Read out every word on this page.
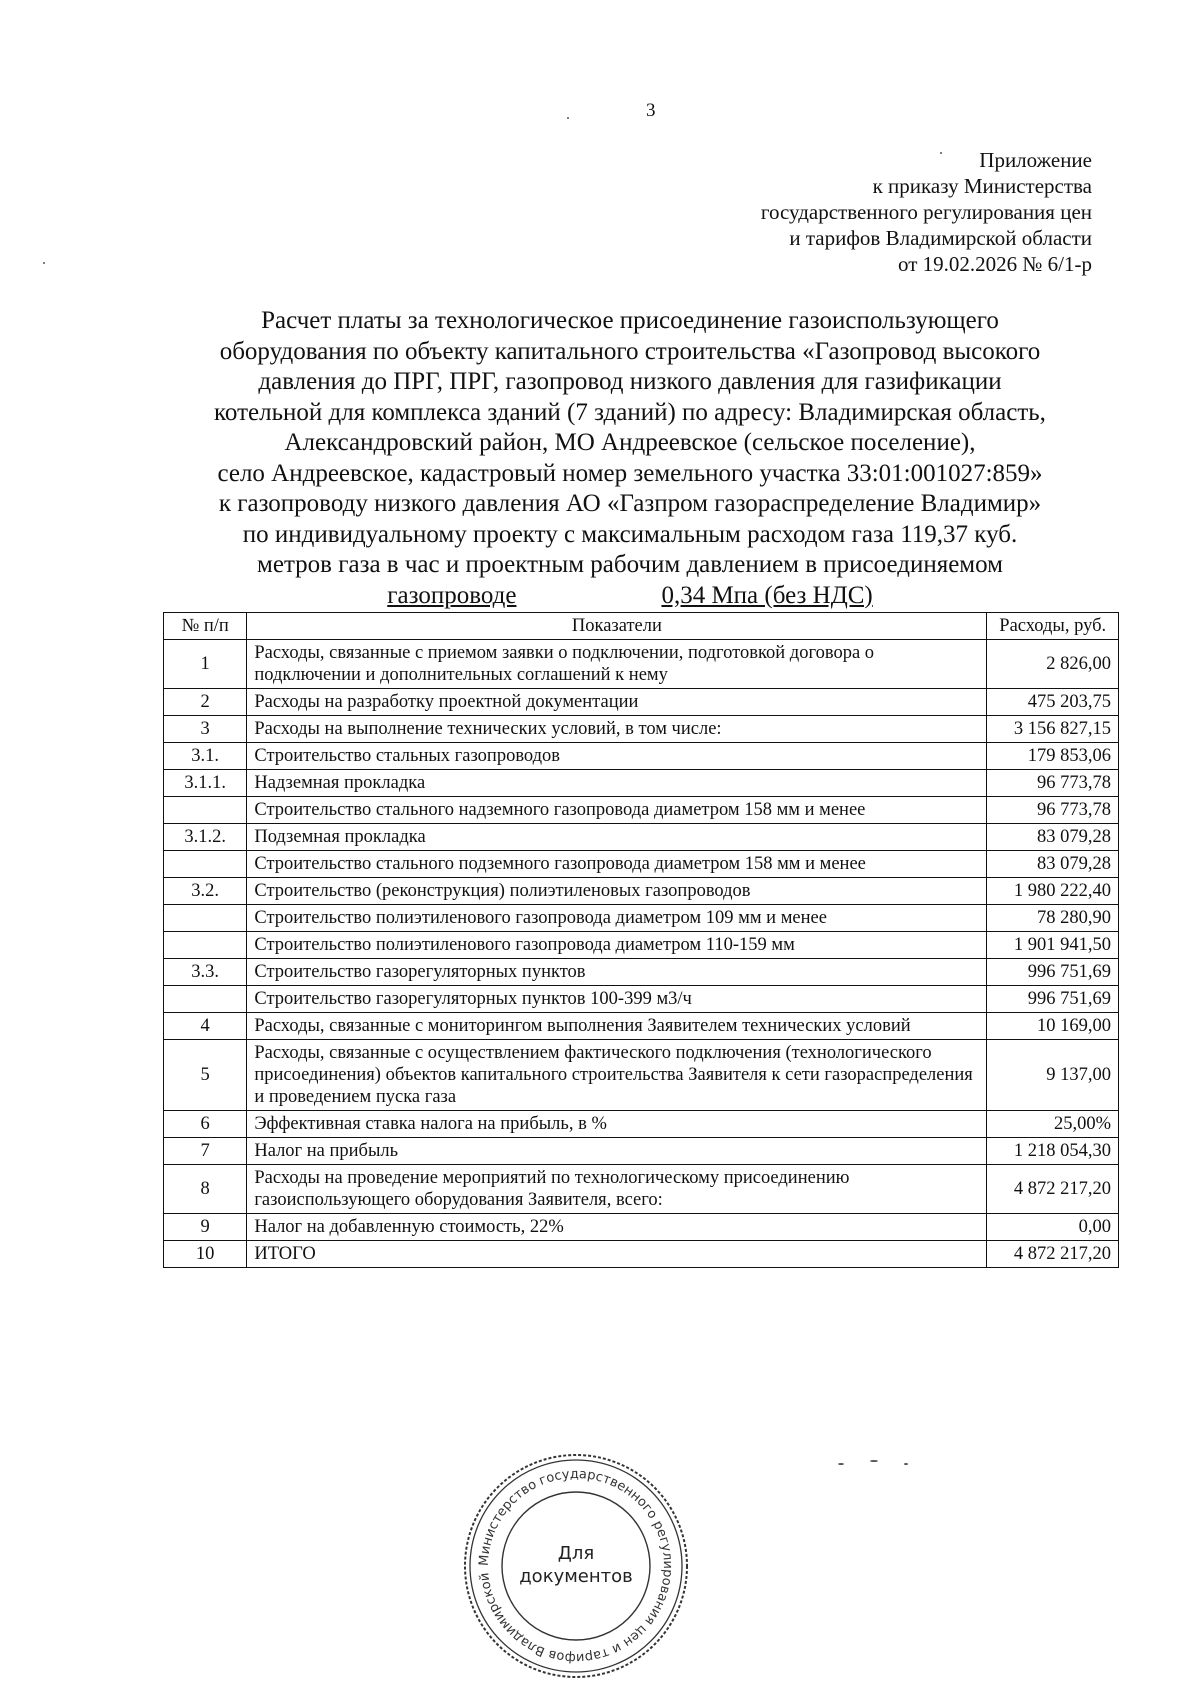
3
Приложение
к приказу Министерства
государственного регулирования цен
и тарифов Владимирской области
от 19.02.2026 № 6/1-р
Расчет платы за технологическое присоединение газоиспользующего
оборудования по объекту капитального строительства «Газопровод высокого
давления до ПРГ, ПРГ, газопровод низкого давления для газификации
котельной для комплекса зданий (7 зданий) по адресу: Владимирская область,
Александровский район, МО Андреевское (сельское поселение),
село Андреевское, кадастровый номер земельного участка 33:01:001027:859»
к газопроводу низкого давления АО «Газпром газораспределение Владимир»
по индивидуальному проекту с максимальным расходом газа 119,37 куб.
метров газа в час и проектным рабочим давлением в присоединяемом
газопроводе	0,34 Мпа (без НДС)
№ п/п	Показатели	Расходы, руб.
1	Расходы, связанные с приемом заявки о подключении, подготовкой договора о подключении и дополнительных соглашений к нему	2 826,00
2	Расходы на разработку проектной документации	475 203,75
3	Расходы на выполнение технических условий, в том числе:	3 156 827,15
3.1.	Строительство стальных газопроводов	179 853,06
3.1.1.	Надземная прокладка	96 773,78
	Строительство стального надземного газопровода диаметром 158 мм и менее	96 773,78
3.1.2.	Подземная прокладка	83 079,28
	Строительство стального подземного газопровода диаметром 158 мм и менее	83 079,28
3.2.	Строительство (реконструкция) полиэтиленовых газопроводов	1 980 222,40
	Строительство полиэтиленового газопровода диаметром 109 мм и менее	78 280,90
	Строительство полиэтиленового газопровода диаметром 110-159 мм	1 901 941,50
3.3.	Строительство газорегуляторных пунктов	996 751,69
	Строительство газорегуляторных пунктов 100-399 м3/ч	996 751,69
4	Расходы, связанные с мониторингом выполнения Заявителем технических условий	10 169,00
5	Расходы, связанные с осуществлением фактического подключения (технологического присоединения) объектов капитального строительства Заявителя к сети газораспределения и проведением пуска газа	9 137,00
6	Эффективная ставка налога на прибыль, в %	25,00%
7	Налог на прибыль	1 218 054,30
8	Расходы на проведение мероприятий по технологическому присоединению газоиспользующего оборудования Заявителя, всего:	4 872 217,20
9	Налог на добавленную стоимость, 22%	0,00
10	ИТОГО	4 872 217,20
Министерство государственного регулирования цен и тарифов Владимирской
Для
документов
